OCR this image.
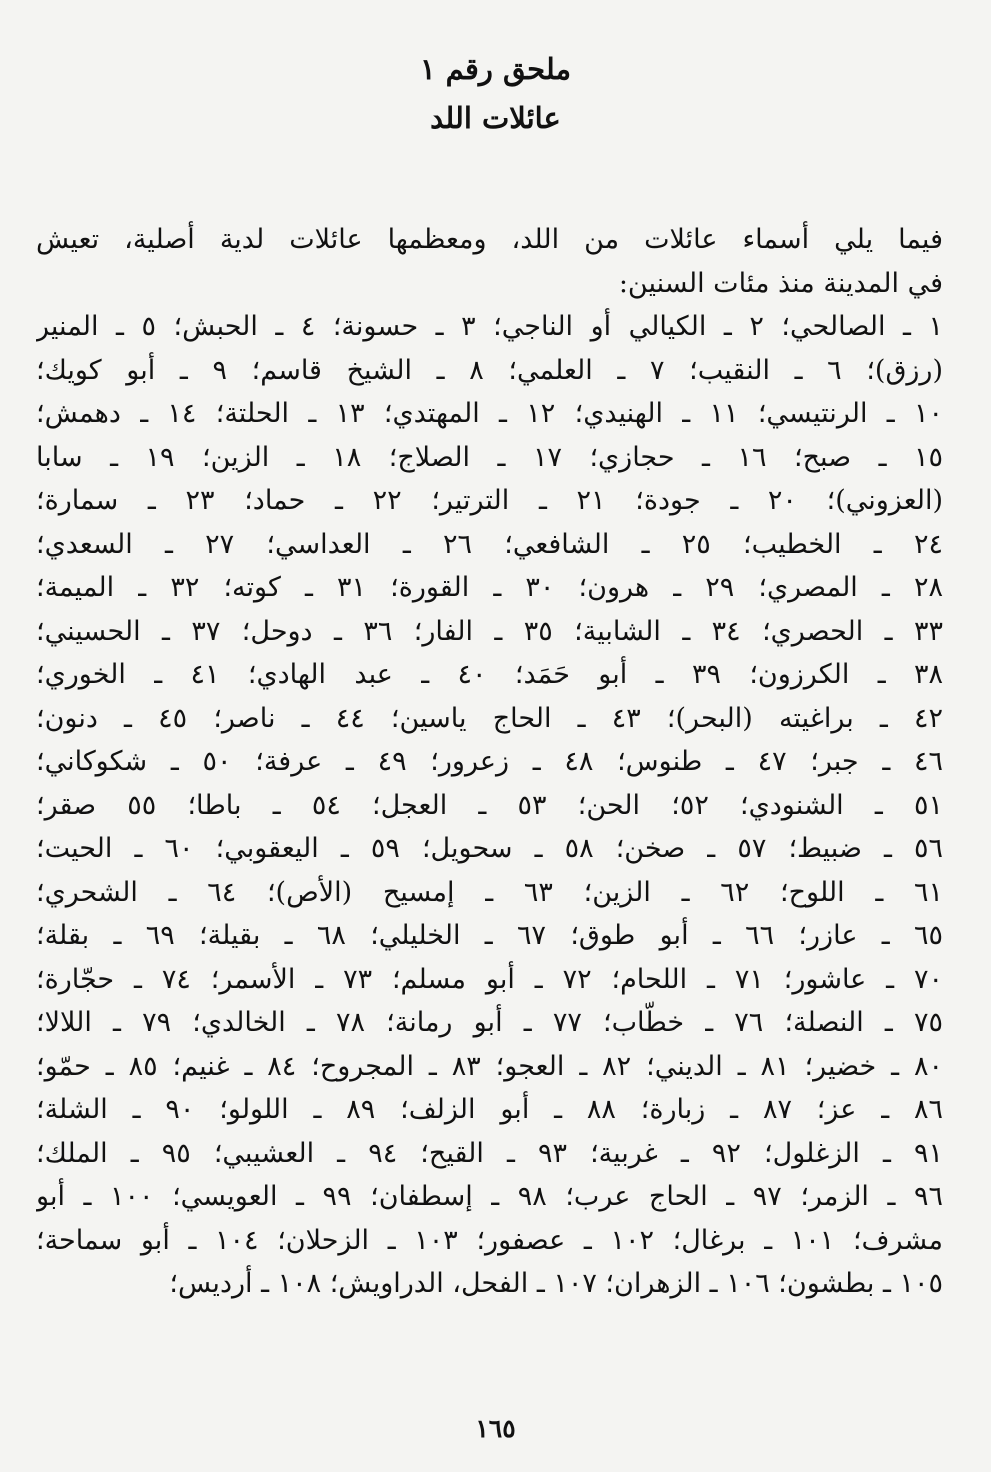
ملحق رقم ١
عائلات اللد
فيما يلي أسماء عائلات من اللد، ومعظمها عائلات لدية أصلية، تعيش
في المدينة منذ مئات السنين:
١ ـ الصالحي؛ ٢ ـ الكيالي أو الناجي؛ ٣ ـ حسونة؛ ٤ ـ الحبش؛ ٥ ـ المنير
(رزق)؛ ٦ ـ النقيب؛ ٧ ـ العلمي؛ ٨ ـ الشيخ قاسم؛ ٩ ـ أبو كويك؛
١٠ ـ الرنتيسي؛ ١١ ـ الهنيدي؛ ١٢ ـ المهتدي؛ ١٣ ـ الحلتة؛ ١٤ ـ دهمش؛
١٥ ـ صبح؛ ١٦ ـ حجازي؛ ١٧ ـ الصلاج؛ ١٨ ـ الزين؛ ١٩ ـ سابا
(العزوني)؛ ٢٠ ـ جودة؛ ٢١ ـ الترتير؛ ٢٢ ـ حماد؛ ٢٣ ـ سمارة؛
٢٤ ـ الخطيب؛ ٢٥ ـ الشافعي؛ ٢٦ ـ العداسي؛ ٢٧ ـ السعدي؛
٢٨ ـ المصري؛ ٢٩ ـ هرون؛ ٣٠ ـ القورة؛ ٣١ ـ كوته؛ ٣٢ ـ الميمة؛
٣٣ ـ الحصري؛ ٣٤ ـ الشابية؛ ٣٥ ـ الفار؛ ٣٦ ـ دوحل؛ ٣٧ ـ الحسيني؛
٣٨ ـ الكرزون؛ ٣٩ ـ أبو حَمَد؛ ٤٠ ـ عبد الهادي؛ ٤١ ـ الخوري؛
٤٢ ـ براغيته (البحر)؛ ٤٣ ـ الحاج ياسين؛ ٤٤ ـ ناصر؛ ٤٥ ـ دنون؛
٤٦ ـ جبر؛ ٤٧ ـ طنوس؛ ٤٨ ـ زعرور؛ ٤٩ ـ عرفة؛ ٥٠ ـ شكوكاني؛
٥١ ـ الشنودي؛ ٥٢؛ الحن؛ ٥٣ ـ العجل؛ ٥٤ ـ باطا؛ ٥٥ صقر؛
٥٦ ـ ضبيط؛ ٥٧ ـ صخن؛ ٥٨ ـ سحويل؛ ٥٩ ـ اليعقوبي؛ ٦٠ ـ الحيت؛
٦١ ـ اللوح؛ ٦٢ ـ الزين؛ ٦٣ ـ إمسيح (الأص)؛ ٦٤ ـ الشحري؛
٦٥ ـ عازر؛ ٦٦ ـ أبو طوق؛ ٦٧ ـ الخليلي؛ ٦٨ ـ بقيلة؛ ٦٩ ـ بقلة؛
٧٠ ـ عاشور؛ ٧١ ـ اللحام؛ ٧٢ ـ أبو مسلم؛ ٧٣ ـ الأسمر؛ ٧٤ ـ حجّارة؛
٧٥ ـ النصلة؛ ٧٦ ـ خطّاب؛ ٧٧ ـ أبو رمانة؛ ٧٨ ـ الخالدي؛ ٧٩ ـ اللالا؛
٨٠ ـ خضير؛ ٨١ ـ الديني؛ ٨٢ ـ العجو؛ ٨٣ ـ المجروح؛ ٨٤ ـ غنيم؛ ٨٥ ـ حمّو؛
٨٦ ـ عز؛ ٨٧ ـ زبارة؛ ٨٨ ـ أبو الزلف؛ ٨٩ ـ اللولو؛ ٩٠ ـ الشلة؛
٩١ ـ الزغلول؛ ٩٢ ـ غربية؛ ٩٣ ـ القيح؛ ٩٤ ـ العشيبي؛ ٩٥ ـ الملك؛
٩٦ ـ الزمر؛ ٩٧ ـ الحاج عرب؛ ٩٨ ـ إسطفان؛ ٩٩ ـ العويسي؛ ١٠٠ ـ أبو
مشرف؛ ١٠١ ـ برغال؛ ١٠٢ ـ عصفور؛ ١٠٣ ـ الزحلان؛ ١٠٤ ـ أبو سماحة؛
١٠٥ ـ بطشون؛ ١٠٦ ـ الزهران؛ ١٠٧ ـ الفحل، الدراويش؛ ١٠٨ ـ أرديس؛
١٦٥
